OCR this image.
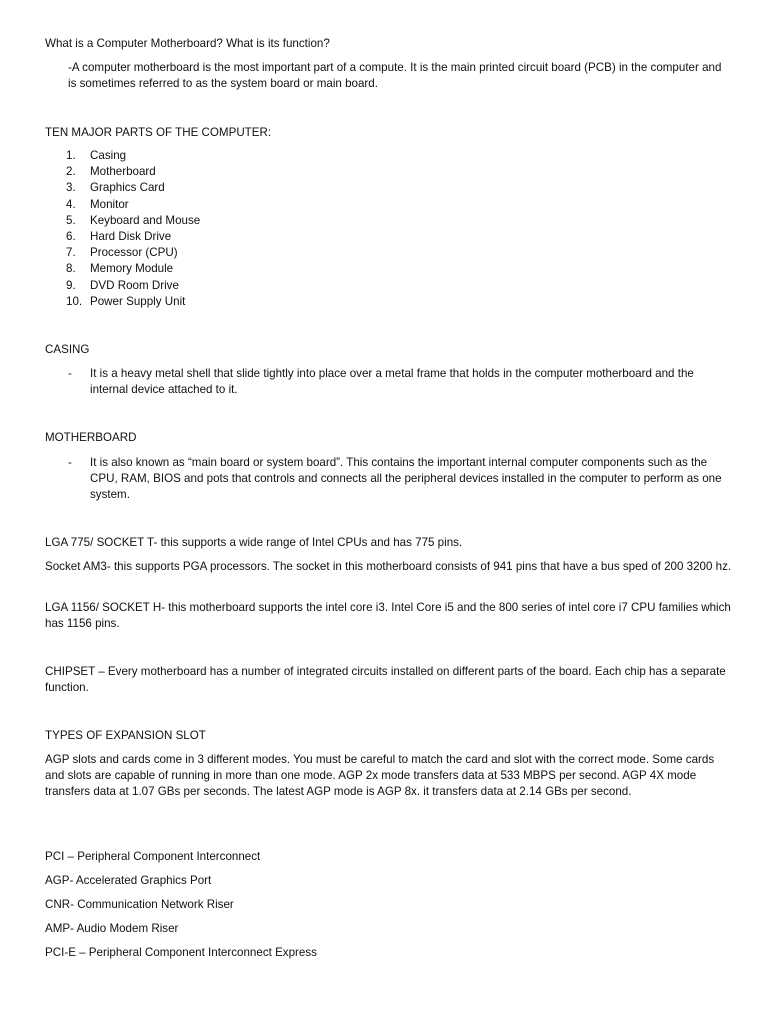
What is a Computer Motherboard? What is its function?

-A computer motherboard is the most important part of a compute. It is the main printed circuit board (PCB) in the computer and is sometimes referred to as the system board or main board.

TEN MAJOR PARTS OF THE COMPUTER:

1.	Casing
2.	Motherboard
3.	Graphics Card
4.	Monitor
5.	Keyboard and Mouse
6.	Hard Disk Drive
7.	Processor (CPU)
8.	Memory Module
9.	DVD Room Drive
10. Power Supply Unit

CASING

- It is a heavy metal shell that slide tightly into place over a metal frame that holds in the computer motherboard and the internal device attached to it.

MOTHERBOARD

- It is also known as “main board or system board”. This contains the important internal computer components such as the CPU, RAM, BIOS and pots that controls and connects all the peripheral devices installed in the computer to perform as one system.

LGA 775/ SOCKET T- this supports a wide range of Intel CPUs and has 775 pins.

Socket AM3- this supports PGA processors. The socket in this motherboard consists of 941 pins that have a bus sped of 200 3200 hz.

LGA 1156/ SOCKET H- this motherboard supports the intel core i3. Intel Core i5 and the 800 series of intel core i7 CPU families which has 1156 pins.

CHIPSET – Every motherboard has a number of integrated circuits installed on different parts of the board. Each chip has a separate function.

TYPES OF EXPANSION SLOT

AGP slots and cards come in 3 different modes. You must be careful to match the card and slot with the correct mode. Some cards and slots are capable of running in more than one mode. AGP 2x mode transfers data at 533 MBPS per second. AGP 4X mode transfers data at 1.07 GBs per seconds. The latest AGP mode is AGP 8x. it transfers data at 2.14 GBs per second.

PCI – Peripheral Component Interconnect

AGP- Accelerated Graphics Port

CNR- Communication Network Riser

AMP- Audio Modem Riser

PCI-E – Peripheral Component Interconnect Express
